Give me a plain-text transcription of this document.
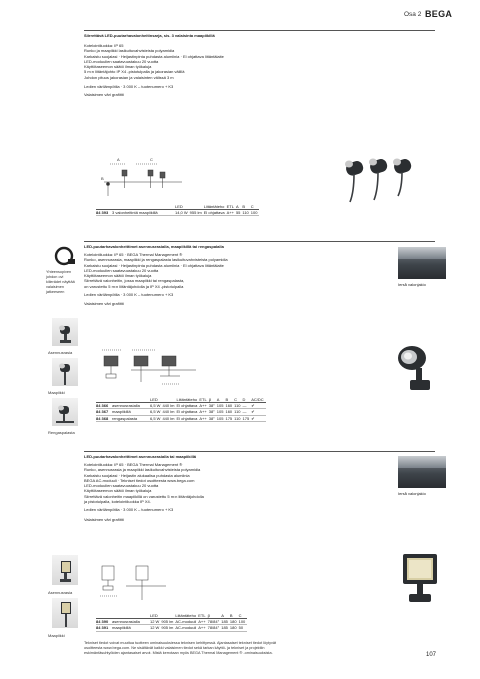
Osa 2 BEGA
Siirrettävä LED-puutarhavalonheitinsarja, sis. 3 valaisinta maapiikillä
Kotelointiluokka: IP 65
Runko ja maapiikki lasikuituvahvisteista polyamidia
Karkaistu suojalasi · Heijastinpinta puhdasta alumiinia · El ohjattava liitäntälaite
LED-moduulien saatavuustakuu 20 vuotta
Käyttötaseemon säätö ilman työkaluja
5 m:n liitäntäjohto IP X4 -pistotulpalla ja jakorasian välillä
Johdon pituus jakorasian ja valaisinten välissä 3 m
Ledien värilämpötila · 3 000 K – tuotenumero + K3
Valaisimen väri grafiitti
A	C
B
		LED		Liitäntäteho	ETL	A	B	C
84 393	3 valonheitintä maapiikillä	14,0 W	955 lm	El ohjattava	A++	55	110	100
LED-puutarhavalonheittimet asennusrasialla, maapiikillä tai rengaspalalla
Kotelointiluokka: IP 65 · BEGA Thermal Management ®
Runko, asennusrasia, maapiikki ja rengaspalasta lasikuituvahvisteista polyamidia
Karkaistu suojalasi · Heijastinpinta puhdasta alumiinia · El ohjattava liitäntälaite
LED-moduulien saatavuustakuu 20 vuotta
Käyttötaseemon säätö ilman työkaluja
Siirrettävä valonheitin, jossa maapiikki tai rengaspalasta,
on varustettu 5 m:n liitäntäjohdolla ja IP X4 -pistotulpalla
Ledien värilämpötila · 3 000 K – tuotenumero + K3
Valaisimen väri grafiitti
Yhteensopiven johdon ovi kiilerädet näyttää valaisimen jatkeeseen
Ierså valonjakio
Asennusrasia
Maapiikki
Rengaspalasta
		LED		Liitäntäteho	ETL	β	A	B	C	D	AC/DC
84 366	asennusrasialla	6,5 W	440 lm	El ohjattava	A++	38°	105	160	110	—	✔
84 367	maapiikillä	6,5 W	440 lm	El ohjattava	A++	38°	105	160	110	—	✔
84 368	rengaspalasta	6,5 W	440 lm	El ohjattava	A++	38°	105	175	110	175	✔
LED-puutarhavalonheittimet asennusrasialla tai maapiikillä
Kotelointiluokka: IP 65 · BEGA Thermal Management ®
Runko, asennusrasia ja maapiikki lasikuituvahvisteista polyamidia
Karkaistu suojalasi · Heijastin alukaalisa puhdasta alumiinia
BEGA AC-moduuli · Tekniset tiedot osoitteesta www.bega.com
LED-moduulien saatavuustakuu 20 vuotta
Käyttötaseemon säätö ilman työkaluja
Siirrettävä valonheitin maapiikillä on varustettu 5 m:n liitäntäjohdolla
ja pistotulpalla, kotelointiluokka IP X4.
Ledien värilämpötila · 3 000 K – tuotenumero + K3
Valaisimen väri grafiitti
Ierså valonjakio
Asennusrasia
Maapiikki
		LED		Liitäntäteho	ETL	β	A	B	C
84 390	asennusrasialla	12 W	905 lm	AC-moduuli	A++	78/84°	185	180	100
84 391	maapiikillä	12 W	905 lm	AC-moduuli	A++	78/84°	185	180	50
Tekniset tiedot voivat muuttua tuotteen ominaisuuksiessa teknisen kehittyessä. Ajantasaiset tekniset tiedot löytyvät
osoitteesta www.bega.com. Ne sisältävät kaikki valaisimen tiedot sekä tarkan käyttö‑ ja tekniset ja projektiin
eskimäntäsuhtyöiden ajantasaiset arvot. Mistä kerrotaan myös BEGA Thermal Management ® -ominaisuuksista.	107
